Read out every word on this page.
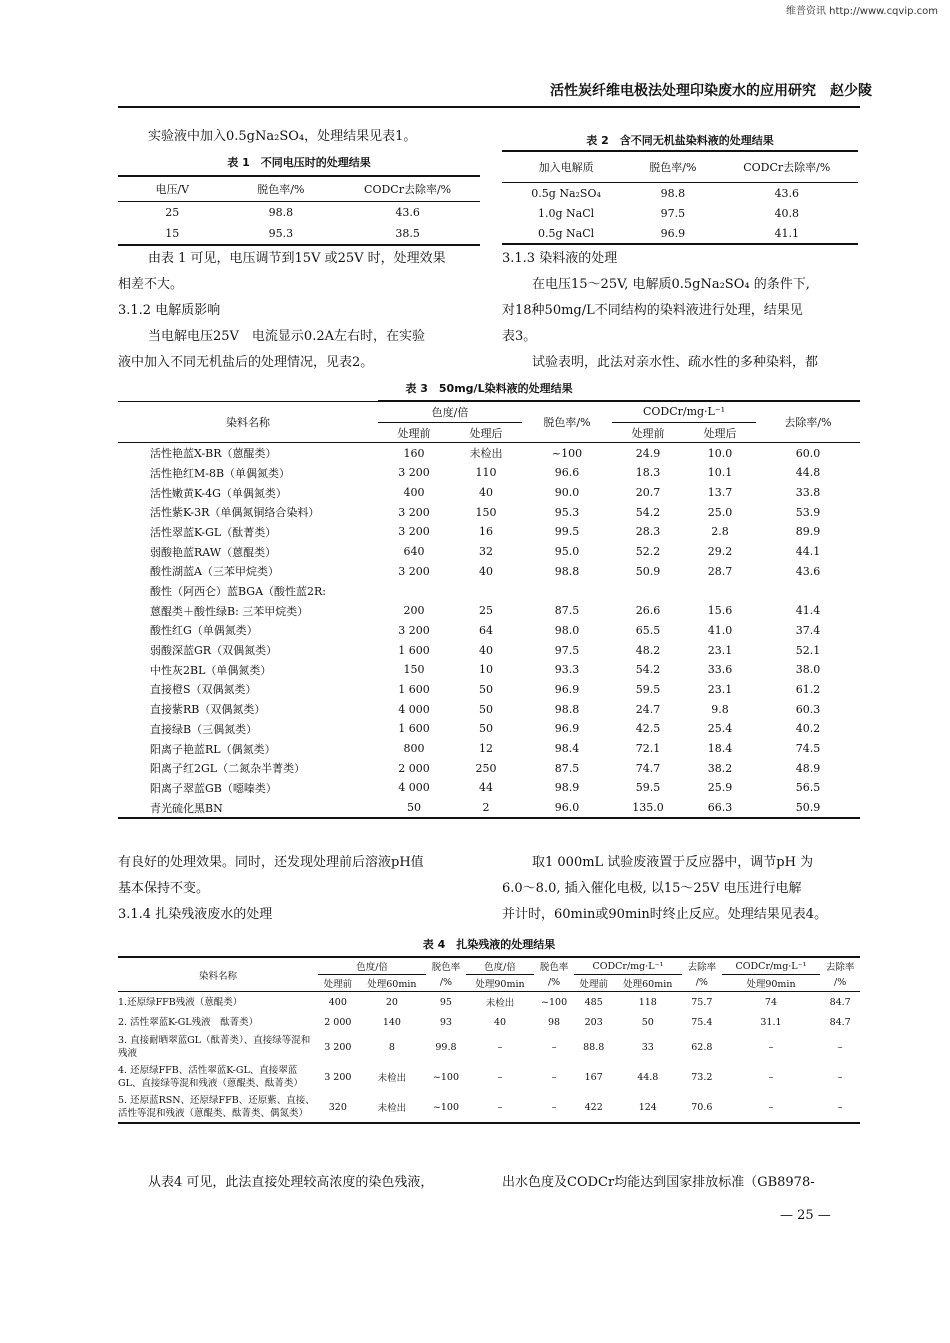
维普资讯 http://www.cqvip.com
活性炭纤维电极法处理印染废水的应用研究　赵少陵
实验液中加入0.5gNa₂SO₄，处理结果见表1。
表 1　不同电压时的处理结果
电压/V	脱色率/%	CODCr去除率/%
25	98.8	43.6
15	95.3	38.5
由表 1 可见，电压调节到15V 或25V 时，处理效果
相差不大。
3.1.2 电解质影响
当电解电压25V　电流显示0.2A左右时，在实验
液中加入不同无机盐后的处理情况，见表2。
表 2　含不同无机盐染料液的处理结果
加入电解质	脱色率/%	CODCr去除率/%
0.5g Na₂SO₄	98.8	43.6
1.0g NaCl	97.5	40.8
0.5g NaCl	96.9	41.1
3.1.3 染料液的处理
在电压15～25V, 电解质0.5gNa₂SO₄ 的条件下,
对18种50mg/L不同结构的染料液进行处理，结果见
表3。
试验表明，此法对亲水性、疏水性的多种染料，都
表 3　50mg/L染料液的处理结果
染料名称	色度/倍		脱色率/%	CODCr/mg·L⁻¹		去除率/%
	处理前	处理后		处理前	处理后	
活性艳蓝X-BR（蒽醌类）	160	未检出	~100	24.9	10.0	60.0
活性艳红M-8B（单偶氮类）	3 200	110	96.6	18.3	10.1	44.8
活性嫩黄K-4G（单偶氮类）	400	40	90.0	20.7	13.7	33.8
活性紫K-3R（单偶氮铜络合染料）	3 200	150	95.3	54.2	25.0	53.9
活性翠蓝K-GL（酞菁类）	3 200	16	99.5	28.3	2.8	89.9
弱酸艳蓝RAW（蒽醌类）	640	32	95.0	52.2	29.2	44.1
酸性湖蓝A（三苯甲烷类）	3 200	40	98.8	50.9	28.7	43.6
酸性（阿西仑）蓝BGA（酸性蓝2R:						
蒽醌类＋酸性绿B: 三苯甲烷类）	200	25	87.5	26.6	15.6	41.4
酸性红G（单偶氮类）	3 200	64	98.0	65.5	41.0	37.4
弱酸深蓝GR（双偶氮类）	1 600	40	97.5	48.2	23.1	52.1
中性灰2BL（单偶氮类）	150	10	93.3	54.2	33.6	38.0
直接橙S（双偶氮类）	1 600	50	96.9	59.5	23.1	61.2
直接紫RB（双偶氮类）	4 000	50	98.8	24.7	9.8	60.3
直接绿B（三偶氮类）	1 600	50	96.9	42.5	25.4	40.2
阳离子艳蓝RL（偶氮类）	800	12	98.4	72.1	18.4	74.5
阳离子红2GL（二氮杂半菁类）	2 000	250	87.5	74.7	38.2	48.9
阳离子翠蓝GB（噁嗪类）	4 000	44	98.9	59.5	25.9	56.5
青光硫化黑BN	50	2	96.0	135.0	66.3	50.9
有良好的处理效果。同时，还发现处理前后溶液pH值
基本保持不变。
3.1.4 扎染残液废水的处理
取1 000mL 试验废液置于反应器中，调节pH 为
6.0～8.0, 插入催化电极, 以15～25V 电压进行电解
并计时，60min或90min时终止反应。处理结果见表4。
表 4　扎染残液的处理结果
染料名称	色度/倍		脱色率	色度/倍	脱色率	CODCr/mg·L⁻¹		去除率	CODCr/mg·L⁻¹	去除率
	处理前	处理60min	/%	处理90min	/%	处理前	处理60min	/%	处理90min	/%
1.还原绿FFB残液（蒽醌类）	400	20	95	未检出	~100	485	118	75.7	74	84.7
2. 活性翠蓝K-GL残液　酞菁类）	2 000	140	93	40	98	203	50	75.4	31.1	84.7
3. 直接耐晒翠蓝GL（酞菁类）、直接绿等混和残液	3 200	8	99.8	–	–	88.8	33	62.8	–	–
4. 还原绿FFB、活性翠蓝K-GL、直接翠蓝GL、直接绿等混和残液（蒽醌类、酞菁类）	3 200	未检出	~100	–	–	167	44.8	73.2	–	–
5. 还原蓝RSN、还原绿FFB、还原紫、直接、活性等混和残液（蒽醌类、酞菁类、偶氮类）	320	未检出	~100	–	–	422	124	70.6	–	–
从表4 可见，此法直接处理较高浓度的染色残液，	出水色度及CODCr均能达到国家排放标准（GB8978-
— 25 —
